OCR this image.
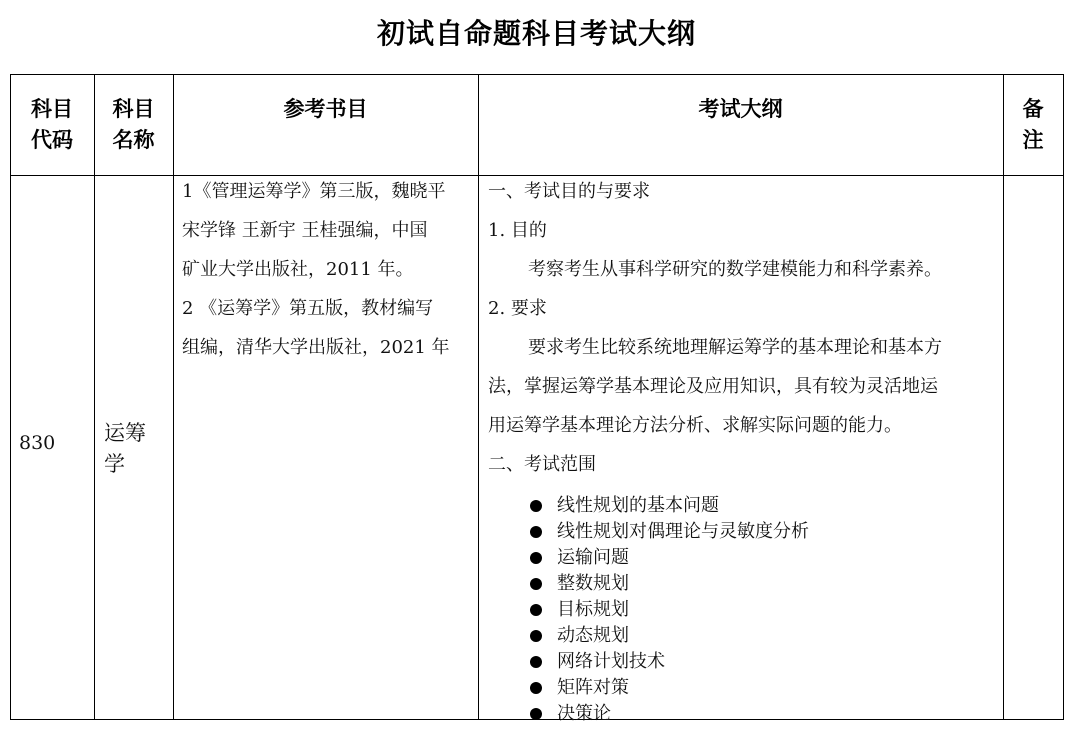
初试自命题科目考试大纲
科目
代码
科目
名称
参考书目	考试大纲	备
注
830 运筹
学

1《管理运筹学》第三版，魏晓平

宋学锋 王新宇 王桂强编，中国

矿业大学出版社，2011 年。

2 《运筹学》第五版，教材编写

组编，清华大学出版社，2021 年

一、考试目的与要求

1. 目的

考察考生从事科学研究的数学建模能力和科学素养。

2. 要求

要求考生比较系统地理解运筹学的基本理论和基本方

法，掌握运筹学基本理论及应用知识，具有较为灵活地运

用运筹学基本理论方法分析、求解实际问题的能力。

二、考试范围

线性规划的基本问题
线性规划对偶理论与灵敏度分析
运输问题
整数规划
目标规划
动态规划
网络计划技术
矩阵对策
决策论
